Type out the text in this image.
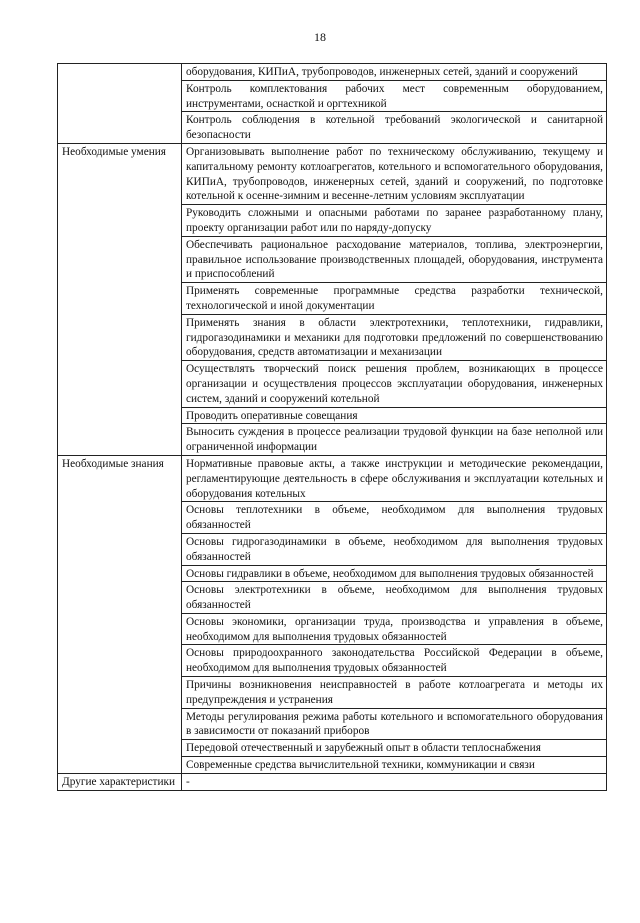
18
	оборудования, КИПиА, трубопроводов, инженерных сетей, зданий и сооружений
	Контроль комплектования рабочих мест современным оборудованием, инструментами, оснасткой и оргтехникой
	Контроль соблюдения в котельной требований экологической и санитарной безопасности
Необходимые умения	Организовывать выполнение работ по техническому обслуживанию, текущему и капитальному ремонту котлоагрегатов, котельного и вспомогательного оборудования, КИПиА, трубопроводов, инженерных сетей, зданий и сооружений, по подготовке котельной к осенне-зимним и весенне-летним условиям эксплуатации
	Руководить сложными и опасными работами по заранее разработанному плану, проекту организации работ или по наряду-допуску
	Обеспечивать рациональное расходование материалов, топлива, электроэнергии, правильное использование производственных площадей, оборудования, инструмента и приспособлений
	Применять современные программные средства разработки технической, технологической и иной документации
	Применять знания в области электротехники, теплотехники, гидравлики, гидрогазодинамики и механики для подготовки предложений по совершенствованию оборудования, средств автоматизации и механизации
	Осуществлять творческий поиск решения проблем, возникающих в процессе организации и осуществления процессов эксплуатации оборудования, инженерных систем, зданий и сооружений котельной
	Проводить оперативные совещания
	Выносить суждения в процессе реализации трудовой функции на базе неполной или ограниченной информации
Необходимые знания	Нормативные правовые акты, а также инструкции и методические рекомендации, регламентирующие деятельность в сфере обслуживания и эксплуатации котельных и оборудования котельных
	Основы теплотехники в объеме, необходимом для выполнения трудовых обязанностей
	Основы гидрогазодинамики в объеме, необходимом для выполнения трудовых обязанностей
	Основы гидравлики в объеме, необходимом для выполнения трудовых обязанностей
	Основы электротехники в объеме, необходимом для выполнения трудовых обязанностей
	Основы экономики, организации труда, производства и управления в объеме, необходимом для выполнения трудовых обязанностей
	Основы природоохранного законодательства Российской Федерации в объеме, необходимом для выполнения трудовых обязанностей
	Причины возникновения неисправностей в работе котлоагрегата и методы их предупреждения и устранения
	Методы регулирования режима работы котельного и вспомогательного оборудования в зависимости от показаний приборов
	Передовой отечественный и зарубежный опыт в области теплоснабжения
	Современные средства вычислительной техники, коммуникации и связи
Другие характеристики	-
